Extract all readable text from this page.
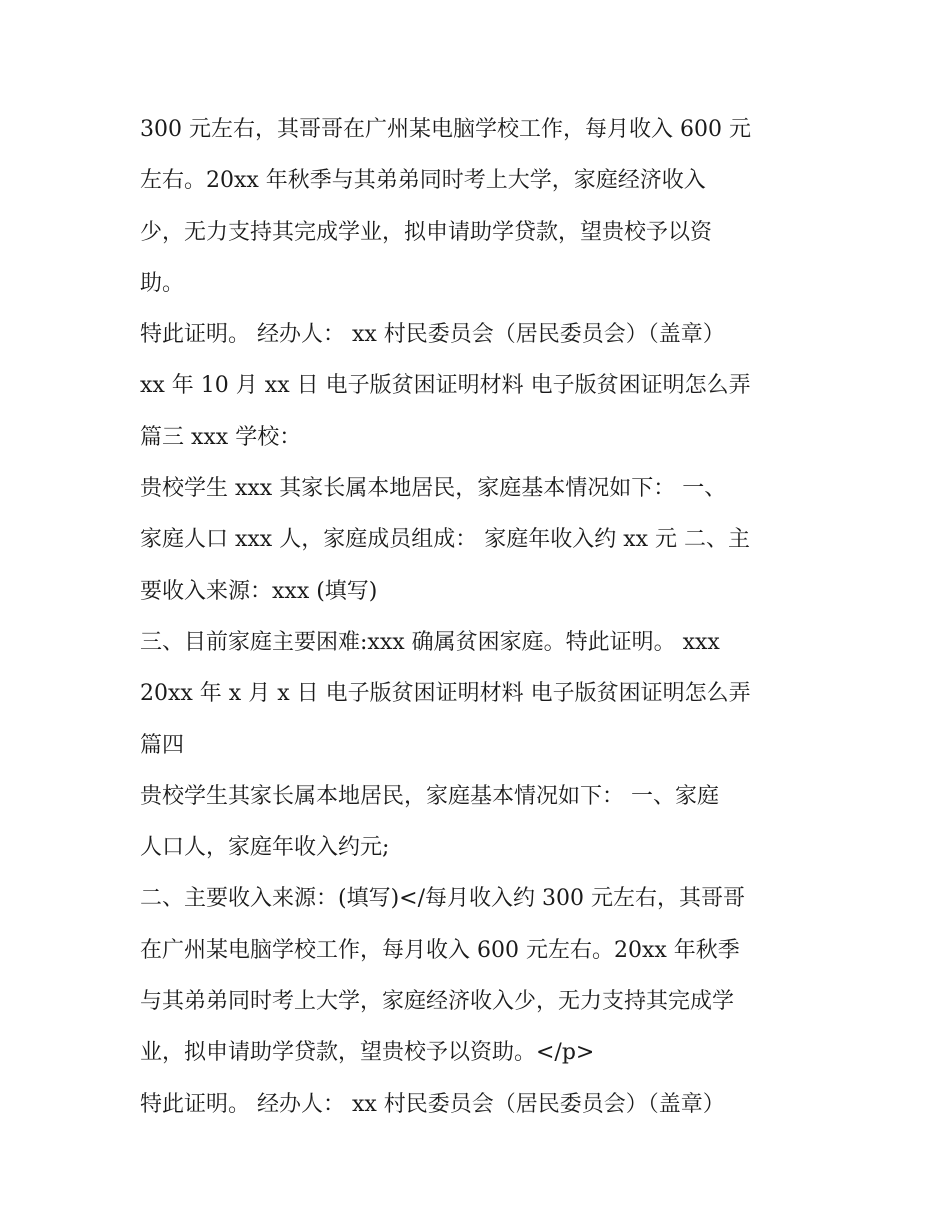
300 元左右，其哥哥在广州某电脑学校工作，每月收入 600 元
左右。20xx 年秋季与其弟弟同时考上大学，家庭经济收入
少，无力支持其完成学业，拟申请助学贷款，望贵校予以资
助。
特此证明。 经办人： xx 村民委员会（居民委员会）（盖章）
xx 年 10 月 xx 日 电子版贫困证明材料 电子版贫困证明怎么弄
篇三 xxx 学校：
贵校学生 xxx 其家长属本地居民，家庭基本情况如下： 一、
家庭人口 xxx 人，家庭成员组成： 家庭年收入约 xx 元 二、主
要收入来源：xxx (填写)
三、目前家庭主要困难:xxx 确属贫困家庭。特此证明。 xxx
20xx 年 x 月 x 日 电子版贫困证明材料 电子版贫困证明怎么弄
篇四
贵校学生其家长属本地居民，家庭基本情况如下： 一、家庭
人口人，家庭年收入约元;
二、主要收入来源：(填写)</每月收入约 300 元左右，其哥哥
在广州某电脑学校工作，每月收入 600 元左右。20xx 年秋季
与其弟弟同时考上大学，家庭经济收入少，无力支持其完成学
业，拟申请助学贷款，望贵校予以资助。</p>
特此证明。 经办人： xx 村民委员会（居民委员会）（盖章）
